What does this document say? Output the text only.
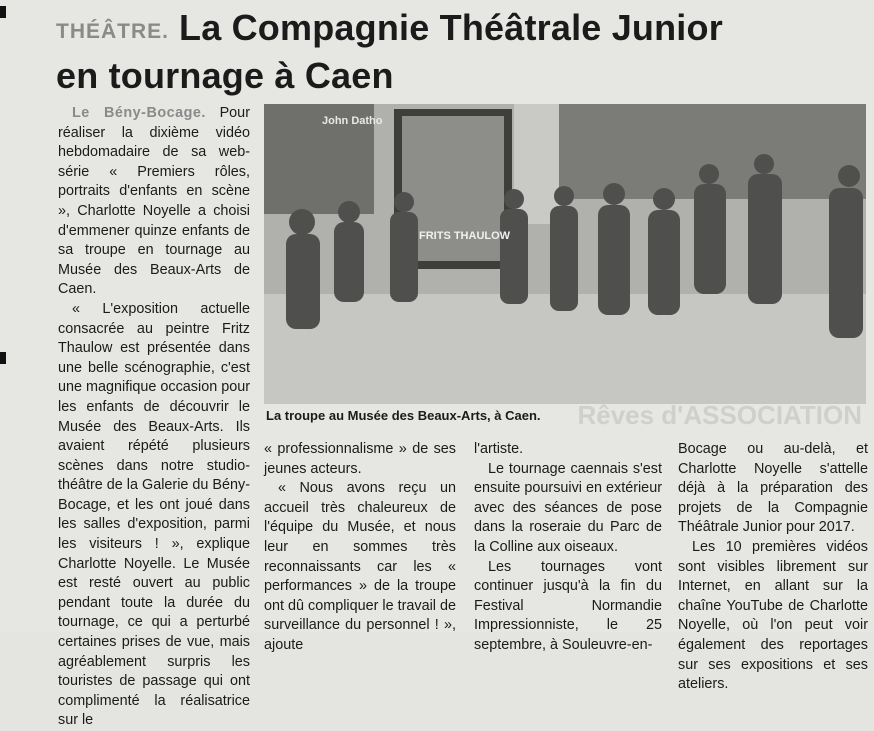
THÉÂTRE. La Compagnie Théâtrale Junior
en tournage à Caen

Le Bény-Bocage. Pour réaliser la dixième vidéo hebdomadaire de sa web-série « Premiers rôles, portraits d'enfants en scène », Charlotte Noyelle a choisi d'emmener quinze enfants de sa troupe en tournage au Musée des Beaux-Arts de Caen.

« L'exposition actuelle consacrée au peintre Fritz Thaulow est présentée dans une belle scénographie, c'est une magnifique occasion pour les enfants de découvrir le Musée des Beaux-Arts. Ils avaient répété plusieurs scènes dans notre studio-théâtre de la Galerie du Bény-Bocage, et les ont joué dans les salles d'exposition, parmi les visiteurs ! », explique Charlotte Noyelle. Le Musée est resté ouvert au public pendant toute la durée du tournage, ce qui a perturbé certaines prises de vue, mais agréablement surpris les touristes de passage qui ont complimenté la réalisatrice sur le

John Datho
FRITS THAULOW
La troupe au Musée des Beaux-Arts, à Caen. Rêves d'ASSOCIATION

« professionnalisme » de ses jeunes acteurs.

« Nous avons reçu un accueil très chaleureux de l'équipe du Musée, et nous leur en sommes très reconnaissants car les « performances » de la troupe ont dû compliquer le travail de surveillance du personnel ! », ajoute

l'artiste.

Le tournage caennais s'est ensuite poursuivi en extérieur avec des séances de pose dans la roseraie du Parc de la Colline aux oiseaux.

Les tournages vont continuer jusqu'à la fin du Festival Normandie Impressionniste, le 25 septembre, à Souleuvre-en-

Bocage ou au-delà, et Charlotte Noyelle s'attelle déjà à la préparation des projets de la Compagnie Théâtrale Junior pour 2017.

Les 10 premières vidéos sont visibles librement sur Internet, en allant sur la chaîne YouTube de Charlotte Noyelle, où l'on peut voir également des reportages sur ses expositions et ses ateliers.
